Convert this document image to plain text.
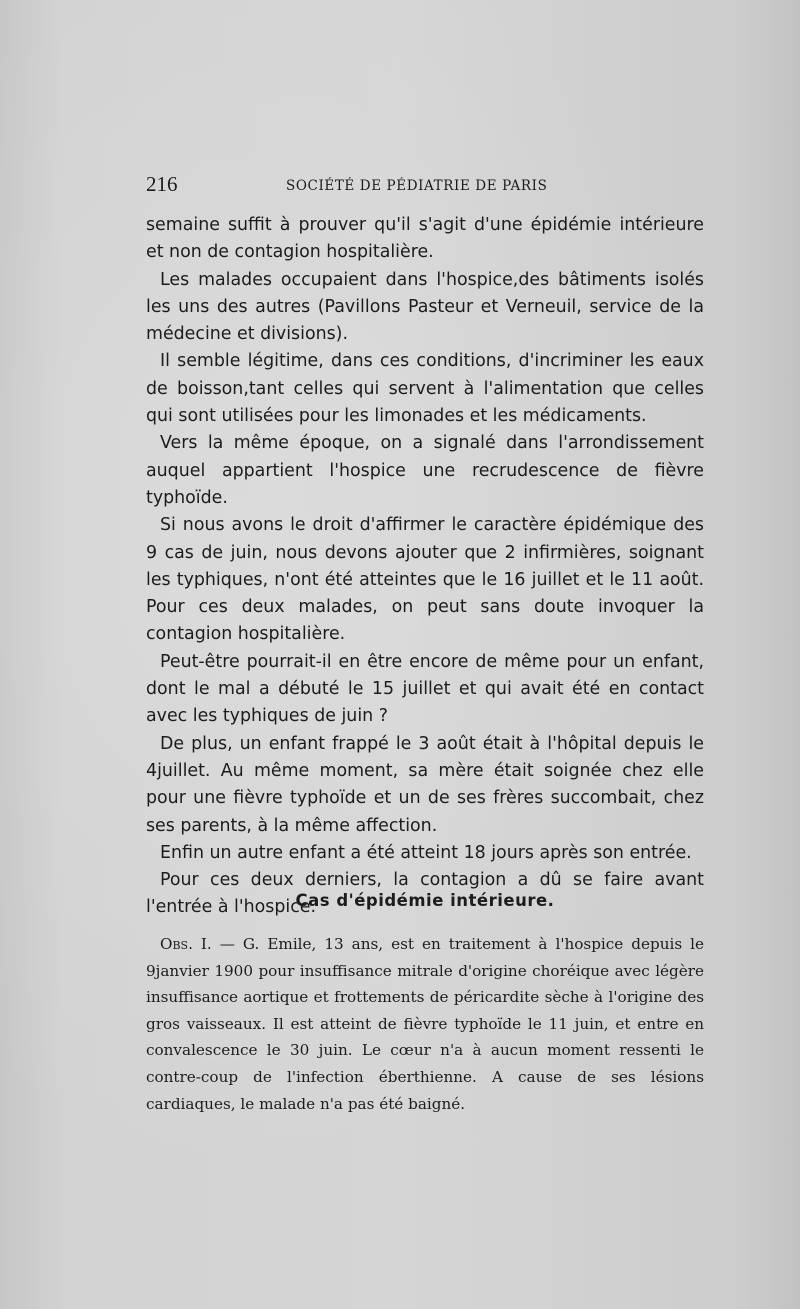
216	SOCIÉTÉ DE PÉDIATRIE DE PARIS

semaine suffit à prouver qu'il s'agit d'une épidémie intérieure et non de contagion hospitalière.

Les malades occupaient dans l'hospice,des bâtiments isolés les uns des autres (Pavillons Pasteur et Verneuil, service de la médecine et divisions).

Il semble légitime, dans ces conditions, d'incriminer les eaux de boisson,tant celles qui servent à l'alimentation que celles qui sont utilisées pour les limonades et les médicaments.

Vers la même époque, on a signalé dans l'arrondissement auquel appartient l'hospice une recrudescence de fièvre typhoïde.

Si nous avons le droit d'affirmer le caractère épidémique des 9 cas de juin, nous devons ajouter que 2 infirmières, soignant les typhiques, n'ont été atteintes que le 16 juillet et le 11 août. Pour ces deux malades, on peut sans doute invoquer la contagion hospitalière.

Peut-être pourrait-il en être encore de même pour un enfant, dont le mal a débuté le 15 juillet et qui avait été en contact avec les typhiques de juin ?

De plus, un enfant frappé le 3 août était à l'hôpital depuis le 4juillet. Au même moment, sa mère était soignée chez elle pour une fièvre typhoïde et un de ses frères succombait, chez ses parents, à la même affection.

Enfin un autre enfant a été atteint 18 jours après son entrée.

Pour ces deux derniers, la contagion a dû se faire avant l'entrée à l'hospice.

Cas d'épidémie intérieure.

Obs. I. — G. Emile, 13 ans, est en traitement à l'hospice depuis le 9janvier 1900 pour insuffisance mitrale d'origine choréique avec légère insuffisance aortique et frottements de péricardite sèche à l'origine des gros vaisseaux. Il est atteint de fièvre typhoïde le 11 juin, et entre en convalescence le 30 juin. Le cœur n'a à aucun moment ressenti le contre-coup de l'infection éberthienne. A cause de ses lésions cardiaques, le malade n'a pas été baigné.
